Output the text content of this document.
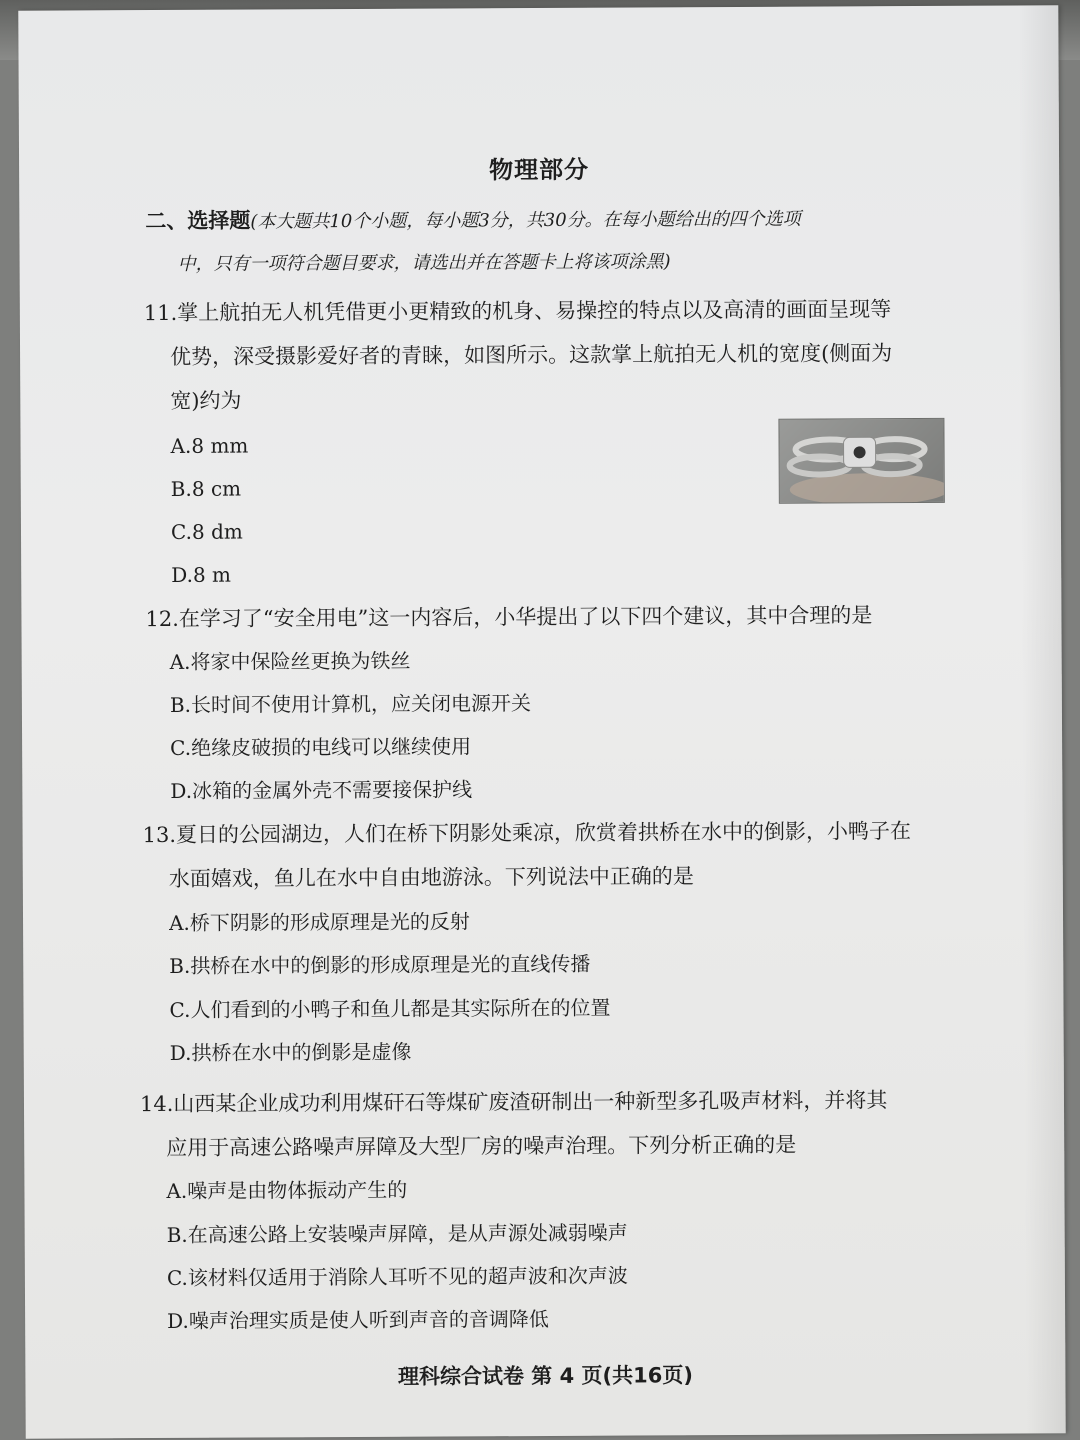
物理部分
二、选择题(本大题共10个小题，每小题3分，共30分。在每小题给出的四个选项
中，只有一项符合题目要求，请选出并在答题卡上将该项涂黑)
11.掌上航拍无人机凭借更小更精致的机身、易操控的特点以及高清的画面呈现等
优势，深受摄影爱好者的青睐，如图所示。这款掌上航拍无人机的宽度(侧面为
宽)约为
A.8 mm
B.8 cm
C.8 dm
D.8 m
12.在学习了“安全用电”这一内容后，小华提出了以下四个建议，其中合理的是
A.将家中保险丝更换为铁丝
B.长时间不使用计算机，应关闭电源开关
C.绝缘皮破损的电线可以继续使用
D.冰箱的金属外壳不需要接保护线
13.夏日的公园湖边，人们在桥下阴影处乘凉，欣赏着拱桥在水中的倒影，小鸭子在
水面嬉戏，鱼儿在水中自由地游泳。下列说法中正确的是
A.桥下阴影的形成原理是光的反射
B.拱桥在水中的倒影的形成原理是光的直线传播
C.人们看到的小鸭子和鱼儿都是其实际所在的位置
D.拱桥在水中的倒影是虚像
14.山西某企业成功利用煤矸石等煤矿废渣研制出一种新型多孔吸声材料，并将其
应用于高速公路噪声屏障及大型厂房的噪声治理。下列分析正确的是
A.噪声是由物体振动产生的
B.在高速公路上安装噪声屏障，是从声源处减弱噪声
C.该材料仅适用于消除人耳听不见的超声波和次声波
D.噪声治理实质是使人听到声音的音调降低
理科综合试卷 第 4 页(共16页)
